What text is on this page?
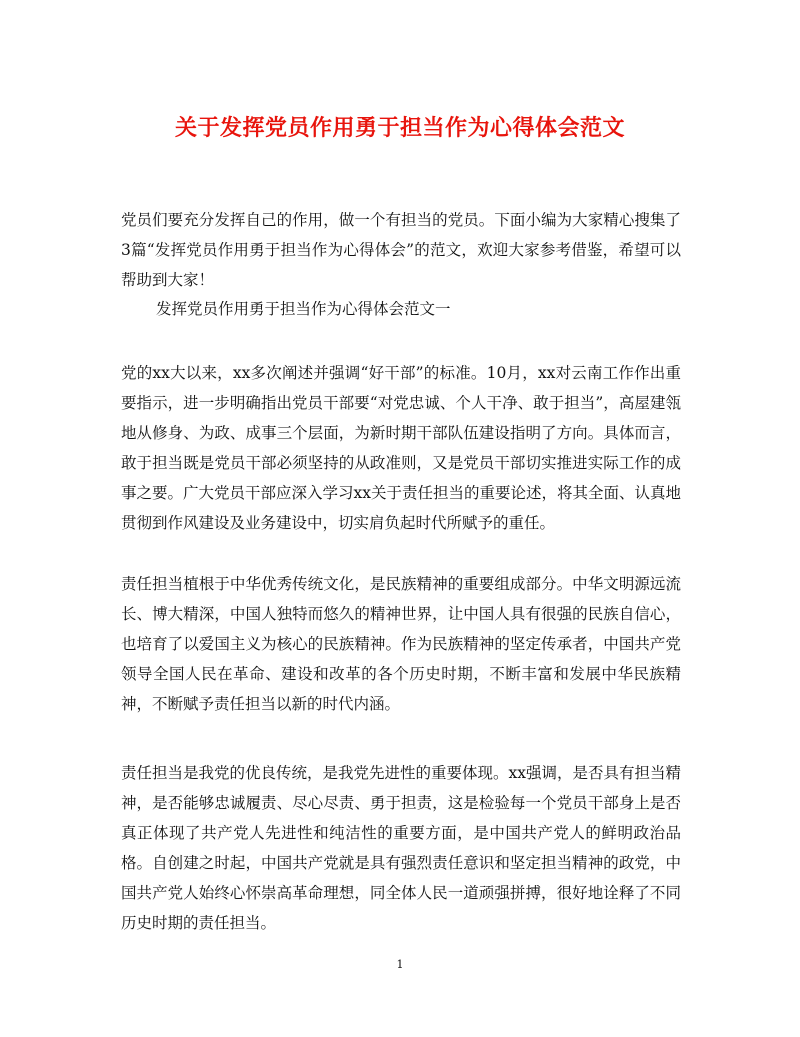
关于发挥党员作用勇于担当作为心得体会范文
党员们要充分发挥自己的作用，做一个有担当的党员。下面小编为大家精心搜集了3篇“发挥党员作用勇于担当作为心得体会”的范文，欢迎大家参考借鉴，希望可以帮助到大家！
发挥党员作用勇于担当作为心得体会范文一
党的xx大以来，xx多次阐述并强调“好干部”的标准。10月，xx对云南工作作出重要指示，进一步明确指出党员干部要“对党忠诚、个人干净、敢于担当”，高屋建瓴地从修身、为政、成事三个层面，为新时期干部队伍建设指明了方向。具体而言，敢于担当既是党员干部必须坚持的从政准则，又是党员干部切实推进实际工作的成事之要。广大党员干部应深入学习xx关于责任担当的重要论述，将其全面、认真地贯彻到作风建设及业务建设中，切实肩负起时代所赋予的重任。
责任担当植根于中华优秀传统文化，是民族精神的重要组成部分。中华文明源远流长、博大精深，中国人独特而悠久的精神世界，让中国人具有很强的民族自信心，也培育了以爱国主义为核心的民族精神。作为民族精神的坚定传承者，中国共产党领导全国人民在革命、建设和改革的各个历史时期，不断丰富和发展中华民族精神，不断赋予责任担当以新的时代内涵。
责任担当是我党的优良传统，是我党先进性的重要体现。xx强调，是否具有担当精神，是否能够忠诚履责、尽心尽责、勇于担责，这是检验每一个党员干部身上是否真正体现了共产党人先进性和纯洁性的重要方面，是中国共产党人的鲜明政治品格。自创建之时起，中国共产党就是具有强烈责任意识和坚定担当精神的政党，中国共产党人始终心怀崇高革命理想，同全体人民一道顽强拼搏，很好地诠释了不同历史时期的责任担当。
1
